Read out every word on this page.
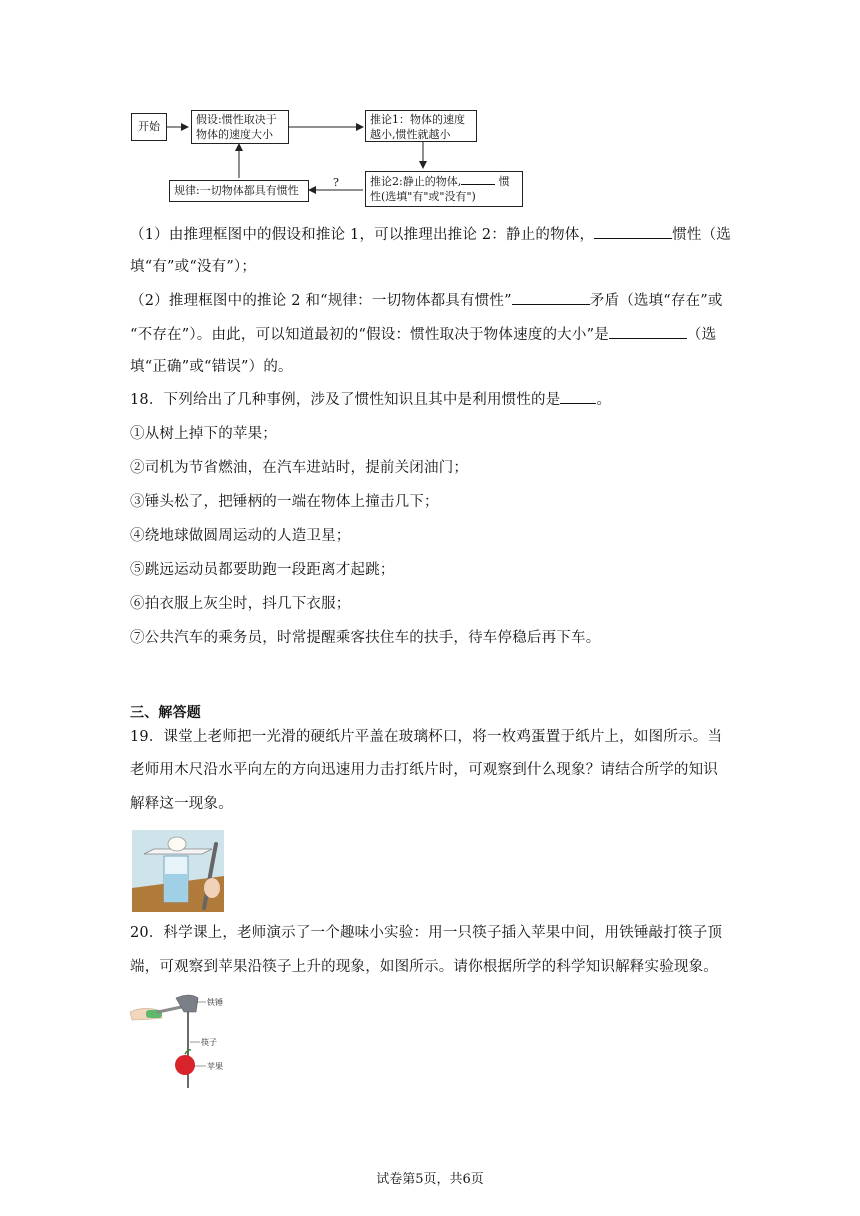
开始
假设:惯性取决于
物体的速度大小
推论1：物体的速度
越小,惯性就越小
推论2:静止的物体,	惯
性(选填"有"或"没有")
规律:一切物体都具有惯性
?
（1）由推理框图中的假设和推论 1，可以推理出推论 2：静止的物体，	惯性（选
填“有”或“没有”）；
（2）推理框图中的推论 2 和“规律：一切物体都具有惯性”	矛盾（选填“存在”或
“不存在”）。由此，可以知道最初的“假设：惯性取决于物体速度的大小”是	（选
填“正确”或“错误”）的。
18．下列给出了几种事例，涉及了惯性知识且其中是利用惯性的是 。
①从树上掉下的苹果；
②司机为节省燃油，在汽车进站时，提前关闭油门；
③锤头松了，把锤柄的一端在物体上撞击几下；
④绕地球做圆周运动的人造卫星；
⑤跳远运动员都要助跑一段距离才起跳；
⑥拍衣服上灰尘时，抖几下衣服；
⑦公共汽车的乘务员，时常提醒乘客扶住车的扶手，待车停稳后再下车。
三、解答题
19．课堂上老师把一光滑的硬纸片平盖在玻璃杯口，将一枚鸡蛋置于纸片上，如图所示。当
老师用木尺沿水平向左的方向迅速用力击打纸片时，可观察到什么现象？请结合所学的知识
解释这一现象。
20．科学课上，老师演示了一个趣味小实验：用一只筷子插入苹果中间，用铁锤敲打筷子顶
端，可观察到苹果沿筷子上升的现象，如图所示。请你根据所学的科学知识解释实验现象。
铁锤
筷子
苹果
试卷第5页，共6页
